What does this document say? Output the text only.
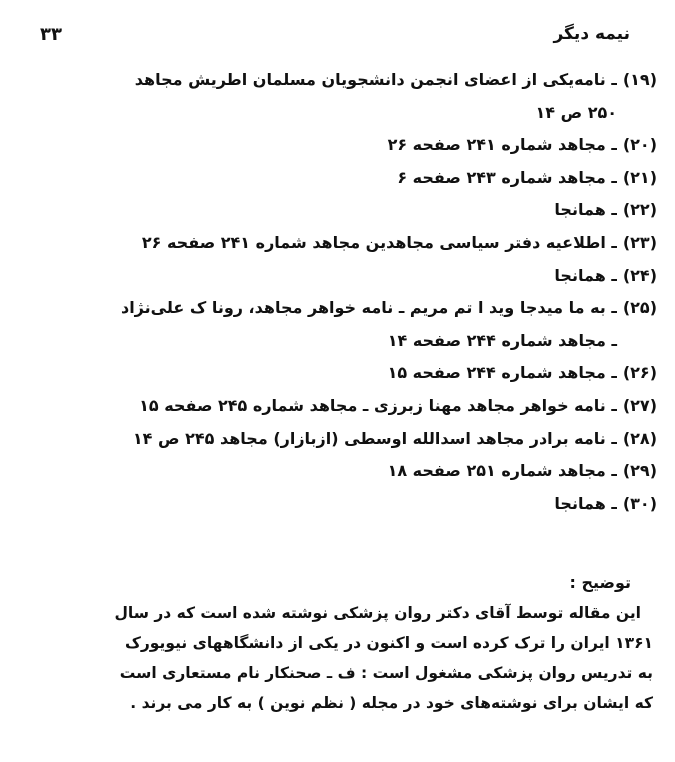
۳۳	نیمه دیگر
(۱۹)ـ نامه‌یکی از اعضای انجمن دانشجویان مسلمان اطریش مجاهد
۲۵۰ ص ۱۴
(۲۰)ـ مجاهد شماره ۲۴۱ صفحه ۲۶
(۲۱)ـ مجاهد شماره ۲۴۳ صفحه ۶
(۲۲)ـ همانجا
(۲۳)ـ اطلاعیه دفتر سیاسی مجاهدین مجاهد شماره ۲۴۱ صفحه ۲۶
(۲۴)ـ همانجا
(۲۵)ـ به ما میدجا وید ا تم مریم ـ نامه خواهر مجاهد، رونا ک علی‌نژاد
ـ مجاهد شماره ۲۴۴ صفحه ۱۴
(۲۶)ـ مجاهد شماره ۲۴۴ صفحه ۱۵
(۲۷)ـ نامه خواهر مجاهد مهنا زبرزی ـ مجاهد شماره ۲۴۵ صفحه ۱۵
(۲۸)ـ نامه برادر مجاهد اسدالله اوسطی (ازبازار) مجاهد ۲۴۵ ص ۱۴
(۲۹)ـ مجاهد شماره ۲۵۱ صفحه ۱۸
(۳۰)ـ همانجا
توضیح :
این مقاله توسط آقای دکتر روان پزشکی نوشته شده است که در سال
۱۳۶۱ ایران را ترک کرده است و اکنون در یکی از دانشگاههای نیویورک
به تدریس روان پزشکی مشغول است : ف ـ صحنکار نام مستعاری است
که ایشان برای نوشته‌های خود در مجله ( نظم نوین ) به کار می برند .
